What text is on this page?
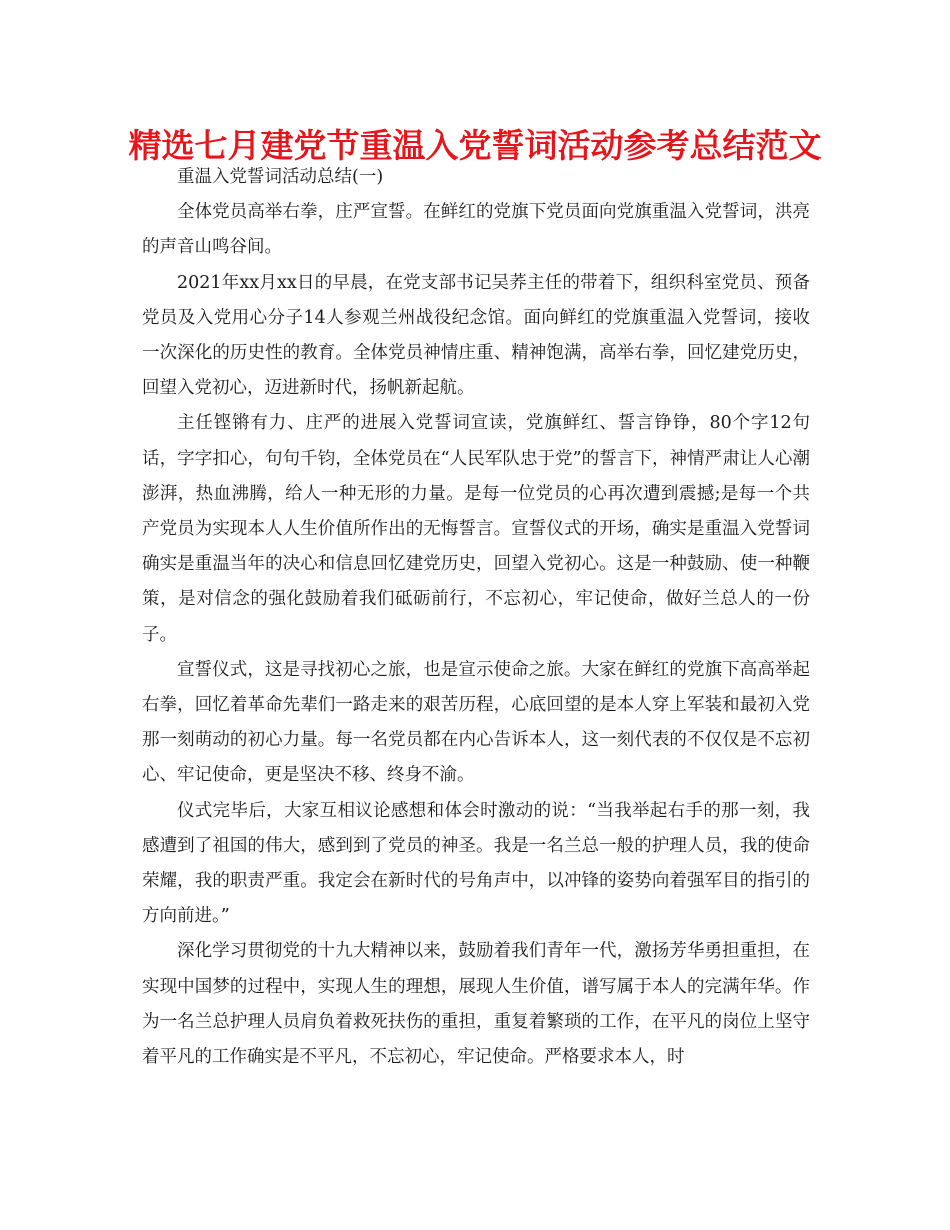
精选七月建党节重温入党誓词活动参考总结范文

重温入党誓词活动总结(一)

全体党员高举右拳，庄严宣誓。在鲜红的党旗下党员面向党旗重温入党誓词，洪亮的声音山鸣谷间。

2021年xx月xx日的早晨，在党支部书记吴荞主任的带着下，组织科室党员、预备党员及入党用心分子14人参观兰州战役纪念馆。面向鲜红的党旗重温入党誓词，接收一次深化的历史性的教育。全体党员神情庄重、精神饱满，高举右拳，回忆建党历史，回望入党初心，迈进新时代，扬帆新起航。

主任铿锵有力、庄严的进展入党誓词宣读，党旗鲜红、誓言铮铮，80个字12句话，字字扣心，句句千钧，全体党员在“人民军队忠于党”的誓言下，神情严肃让人心潮澎湃，热血沸腾，给人一种无形的力量。是每一位党员的心再次遭到震撼;是每一个共产党员为实现本人人生价值所作出的无悔誓言。宣誓仪式的开场，确实是重温入党誓词确实是重温当年的决心和信息回忆建党历史，回望入党初心。这是一种鼓励、使一种鞭策，是对信念的强化鼓励着我们砥砺前行，不忘初心，牢记使命，做好兰总人的一份子。

宣誓仪式，这是寻找初心之旅，也是宣示使命之旅。大家在鲜红的党旗下高高举起右拳，回忆着革命先辈们一路走来的艰苦历程，心底回望的是本人穿上军装和最初入党那一刻萌动的初心力量。每一名党员都在内心告诉本人，这一刻代表的不仅仅是不忘初心、牢记使命，更是坚决不移、终身不渝。

仪式完毕后，大家互相议论感想和体会时激动的说：“当我举起右手的那一刻，我感遭到了祖国的伟大，感到到了党员的神圣。我是一名兰总一般的护理人员，我的使命荣耀，我的职责严重。我定会在新时代的号角声中，以冲锋的姿势向着强军目的指引的方向前进。”

深化学习贯彻党的十九大精神以来，鼓励着我们青年一代，激扬芳华勇担重担，在实现中国梦的过程中，实现人生的理想，展现人生价值，谱写属于本人的完满年华。作为一名兰总护理人员肩负着救死扶伤的重担，重复着繁琐的工作，在平凡的岗位上坚守着平凡的工作确实是不平凡，不忘初心，牢记使命。严格要求本人，时
